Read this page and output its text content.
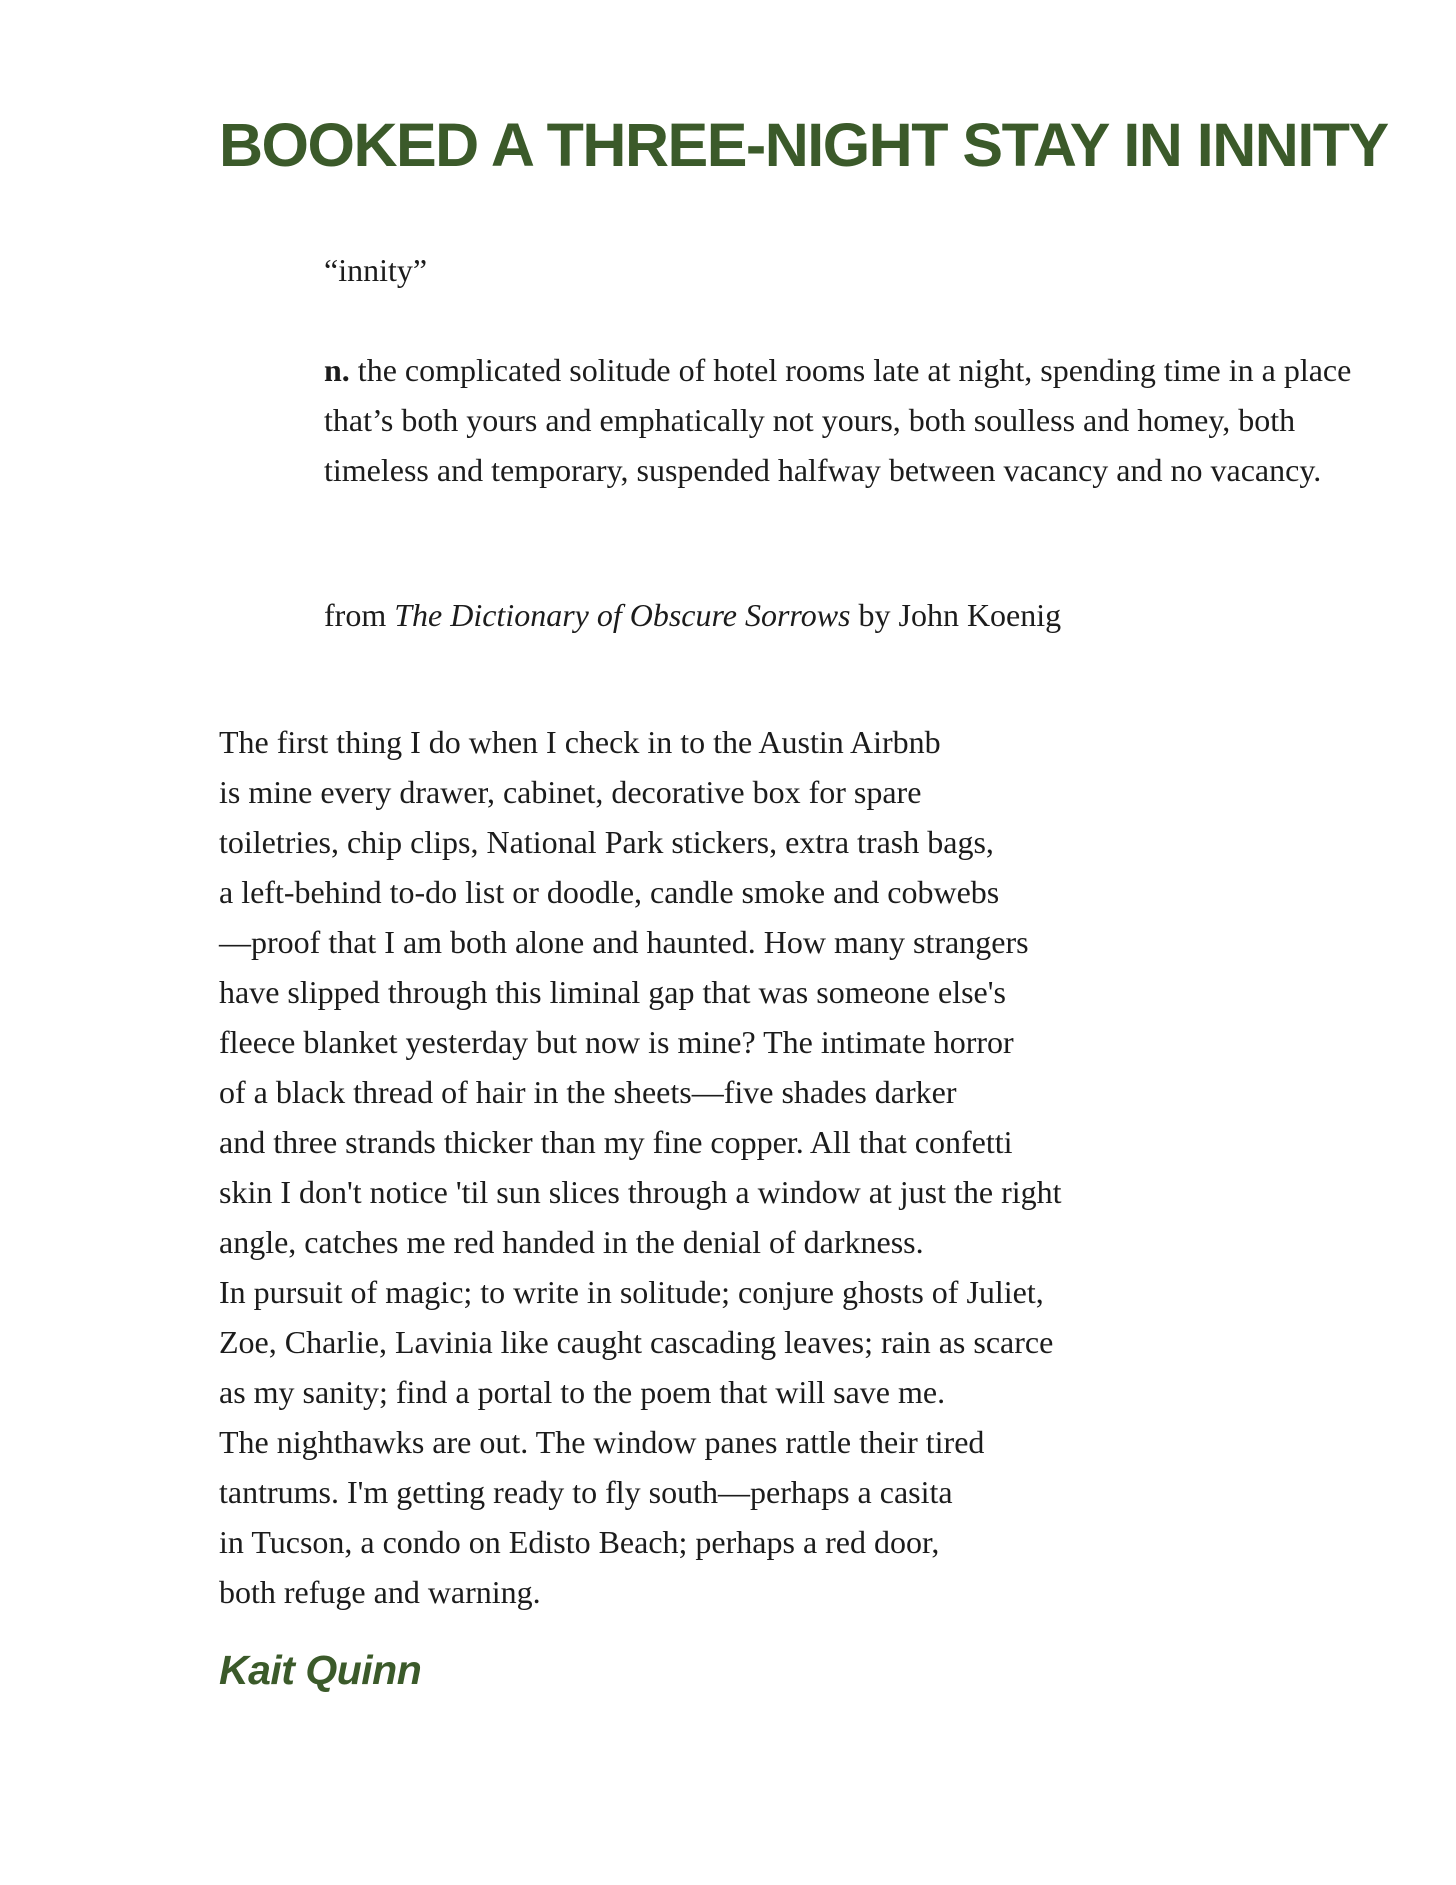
BOOKED A THREE-NIGHT STAY IN INNITY

“innity”

n. the complicated solitude of hotel rooms late at night, spending time in a place that’s both yours and emphatically not yours, both soulless and homey, both timeless and temporary, suspended halfway between vacancy and no vacancy.

from The Dictionary of Obscure Sorrows by John Koenig

The first thing I do when I check in to the Austin Airbnb
is mine every drawer, cabinet, decorative box for spare
toiletries, chip clips, National Park stickers, extra trash bags,
a left-behind to-do list or doodle, candle smoke and cobwebs
—proof that I am both alone and haunted. How many strangers
have slipped through this liminal gap that was someone else's
fleece blanket yesterday but now is mine? The intimate horror
of a black thread of hair in the sheets—five shades darker
and three strands thicker than my fine copper. All that confetti
skin I don't notice 'til sun slices through a window at just the right
angle, catches me red handed in the denial of darkness.
In pursuit of magic; to write in solitude; conjure ghosts of Juliet,
Zoe, Charlie, Lavinia like caught cascading leaves; rain as scarce
as my sanity; find a portal to the poem that will save me.
The nighthawks are out. The window panes rattle their tired
tantrums. I'm getting ready to fly south—perhaps a casita
in Tucson, a condo on Edisto Beach; perhaps a red door,
both refuge and warning.

Kait Quinn
